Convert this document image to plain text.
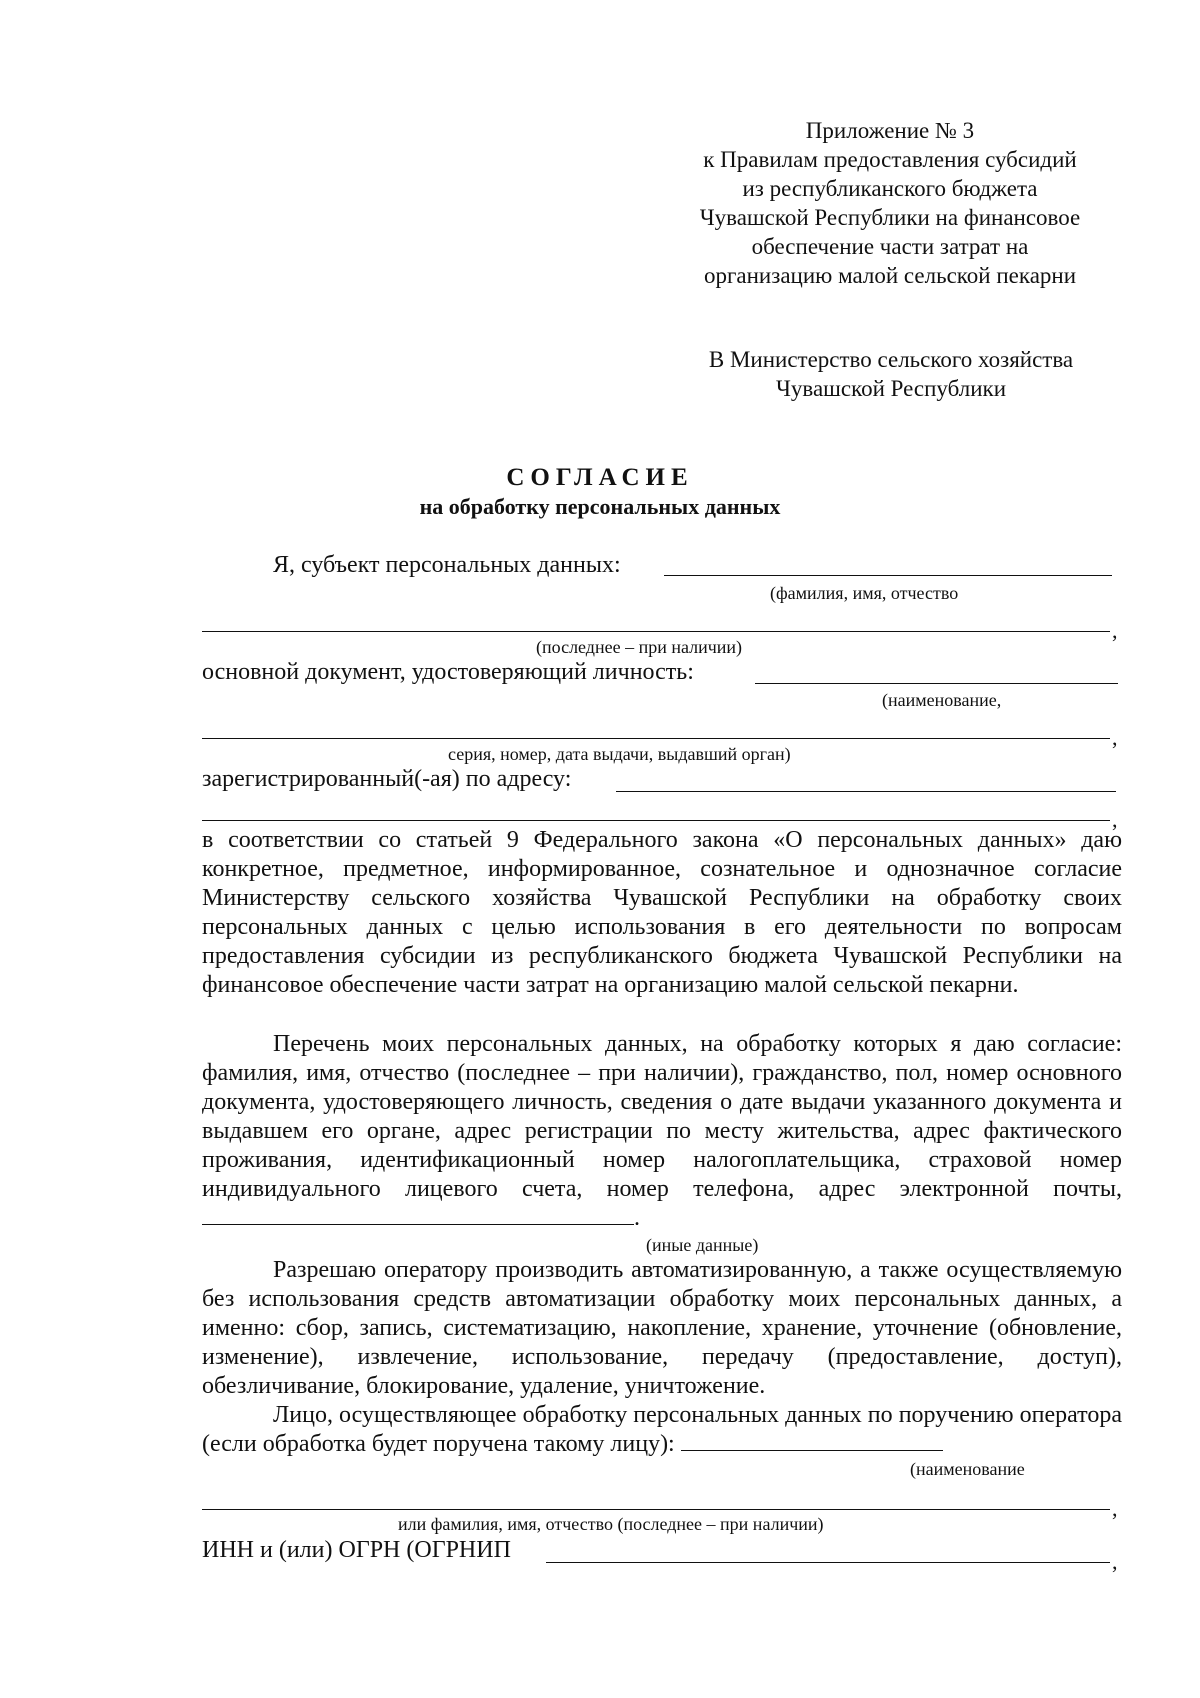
Приложение № 3
к Правилам предоставления субсидий
из республиканского бюджета
Чувашской Республики на финансовое
обеспечение части затрат на
организацию малой сельской пекарни
В Министерство сельского хозяйства
Чувашской Республики
СОГЛАСИЕ
на обработку персональных данных
Я, субъект персональных данных:
(фамилия, имя, отчество
,
(последнее – при наличии)
основной документ, удостоверяющий личность:
(наименование,
,
серия, номер, дата выдачи, выдавший орган)
зарегистрированный(-ая) по адресу:
,
в соответствии со статьей 9 Федерального закона «О персональных данных» даю конкретное, предметное, информированное, сознательное и однозначное согласие Министерству сельского хозяйства Чувашской Республики на обработку своих персональных данных с целью использования в его деятельности по вопросам предоставления субсидии из республиканского бюджета Чувашской Республики на финансовое обеспечение части затрат на организацию малой сельской пекарни.
Перечень моих персональных данных, на обработку которых я даю согласие: фамилия, имя, отчество (последнее – при наличии), гражданство, пол, номер основного документа, удостоверяющего личность, сведения о дате выдачи указанного документа и выдавшем его органе, адрес регистрации по месту жительства, адрес фактического проживания, идентификационный номер налогоплательщика, страховой номер индивидуального лицевого счета, номер телефона, адрес электронной почты, .
(иные данные)
Разрешаю оператору производить автоматизированную, а также осуществляемую без использования средств автоматизации обработку моих персональных данных, а именно: сбор, запись, систематизацию, накопление, хранение, уточнение (обновление, изменение), извлечение, использование, передачу (предоставление, доступ), обезличивание, блокирование, удаление, уничтожение.
Лицо, осуществляющее обработку персональных данных по поручению оператора (если обработка будет поручена такому лицу):
(наименование
,
или фамилия, имя, отчество (последнее – при наличии)
ИНН и (или) ОГРН (ОГРНИП	,
